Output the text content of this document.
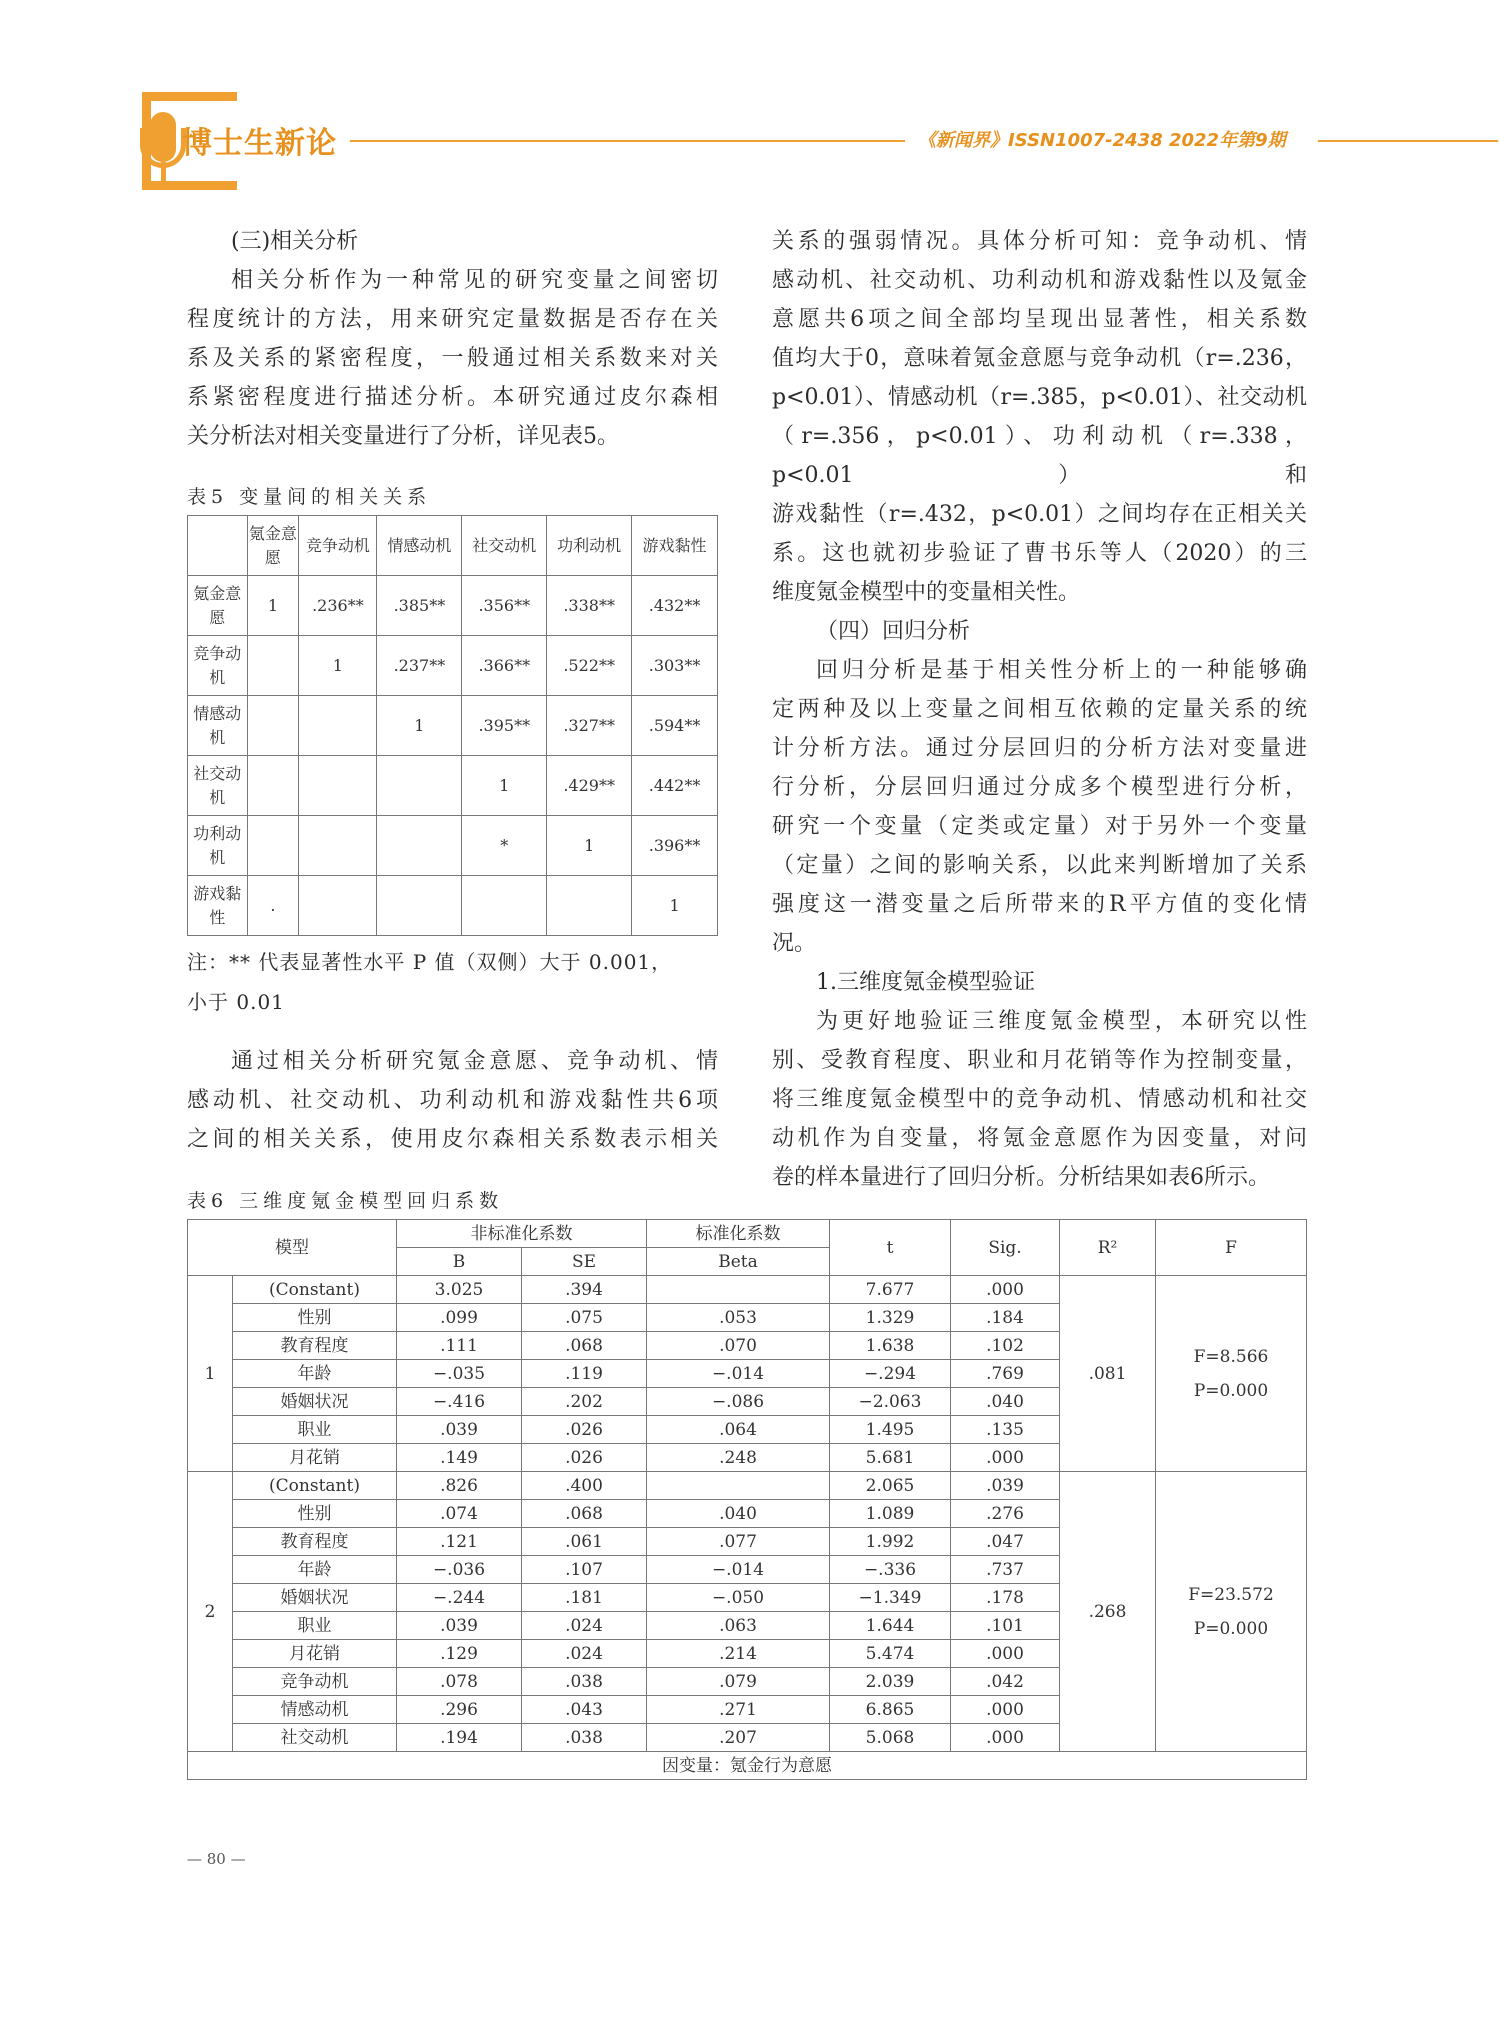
博士生新论	《新闻界》ISSN1007-2438 2022年第9期

(三)相关分析

相关分析作为一种常见的研究变量之间密切

程度统计的方法，用来研究定量数据是否存在关

系及关系的紧密程度，一般通过相关系数来对关

系紧密程度进行描述分析。本研究通过皮尔森相

关分析法对相关变量进行了分析，详见表5。

表5 变量间的相关关系
	氪金意愿	竞争动机	情感动机	社交动机	功利动机	游戏黏性
氪金意愿	1	.236**	.385**	.356**	.338**	.432**
竞争动机		1	.237**	.366**	.522**	.303**
情感动机			1	.395**	.327**	.594**
社交动机				1	.429**	.442**
功利动机				*	1	.396**
游戏黏性	.					1
注：** 代表显著性水平 P 值（双侧）大于 0.001，
小于 0.01

通过相关分析研究氪金意愿、竞争动机、情

感动机、社交动机、功利动机和游戏黏性共6项

之间的相关关系，使用皮尔森相关系数表示相关

关系的强弱情况。具体分析可知：竞争动机、情

感动机、社交动机、功利动机和游戏黏性以及氪金

意愿共6项之间全部均呈现出显著性，相关系数

值均大于0，意味着氪金意愿与竞争动机（r=.236，

p<0.01）、情感动机（r=.385，p<0.01）、社交动机

（r=.356，p<0.01）、功利动机（r=.338，p<0.01）和

游戏黏性（r=.432，p<0.01）之间均存在正相关关

系。这也就初步验证了曹书乐等人（2020）的三

维度氪金模型中的变量相关性。

（四）回归分析

回归分析是基于相关性分析上的一种能够确

定两种及以上变量之间相互依赖的定量关系的统

计分析方法。通过分层回归的分析方法对变量进

行分析，分层回归通过分成多个模型进行分析，

研究一个变量（定类或定量）对于另外一个变量

（定量）之间的影响关系，以此来判断增加了关系

强度这一潜变量之后所带来的R平方值的变化情

况。

1.三维度氪金模型验证

为更好地验证三维度氪金模型，本研究以性

别、受教育程度、职业和月花销等作为控制变量，

将三维度氪金模型中的竞争动机、情感动机和社交

动机作为自变量，将氪金意愿作为因变量，对问

卷的样本量进行了回归分析。分析结果如表6所示。

表6 三维度氪金模型回归系数
模型		非标准化系数		标准化系数	t	Sig.	R²	F
		B	SE	Beta				
1	(Constant)	3.025	.394		7.677	.000	.081	F=8.566
P=0.000

	性别	.099	.075	.053	1.329	.184		
	教育程度	.111	.068	.070	1.638	.102		
	年龄	−.035	.119	−.014	−.294	.769		
	婚姻状况	−.416	.202	−.086	−2.063	.040		
	职业	.039	.026	.064	1.495	.135		
	月花销	.149	.026	.248	5.681	.000		
2	(Constant)	.826	.400		2.065	.039	.268	F=23.572
P=0.000

	性别	.074	.068	.040	1.089	.276		
	教育程度	.121	.061	.077	1.992	.047		
	年龄	−.036	.107	−.014	−.336	.737		
	婚姻状况	−.244	.181	−.050	−1.349	.178		
	职业	.039	.024	.063	1.644	.101		
	月花销	.129	.024	.214	5.474	.000		
	竞争动机	.078	.038	.079	2.039	.042		
	情感动机	.296	.043	.271	6.865	.000		
	社交动机	.194	.038	.207	5.068	.000		
因变量：氪金行为意愿								
— 80 —
